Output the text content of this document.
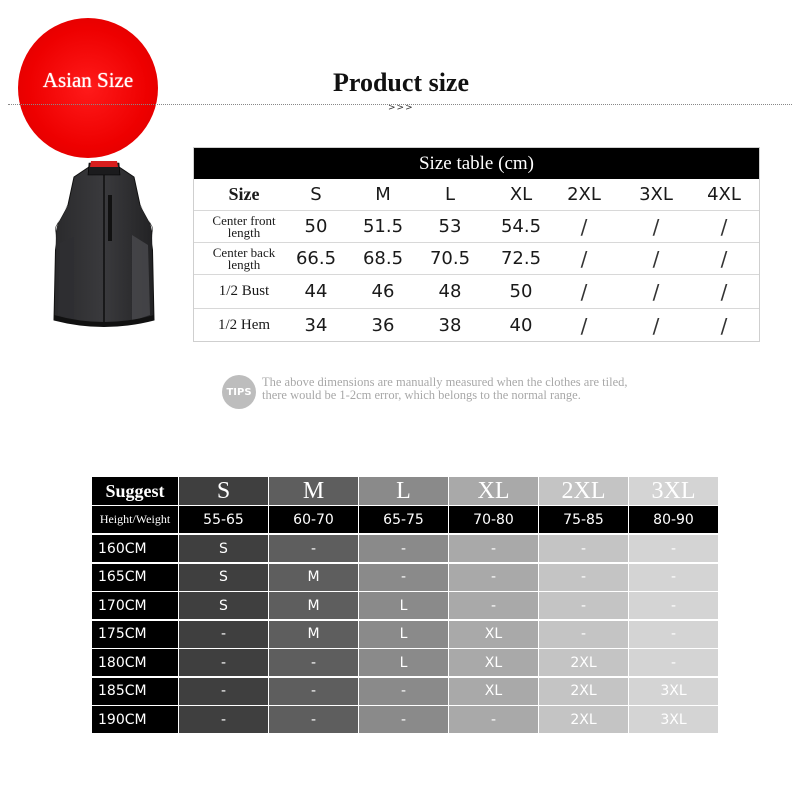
Asian Size	Product size
>>>
Size table (cm)
Size	S	M	L	XL	2XL	3XL	4XL
Center front
length	50	51.5	53	54.5	/	/	/
Center back
length	66.5	68.5	70.5	72.5	/	/	/
1/2 Bust	44	46	48	50	/	/	/
1/2 Hem	34	36	38	40	/	/	/
TIPS
The above dimensions are manually measured when the clothes are tiled,
there would be 1-2cm error, which belongs to the normal range.
Suggest	S	M	L	XL	2XL	3XL
Height/Weight	55-65	60-70	65-75	70-80	75-85	80-90
160CM	S	-	-	-	-	-
165CM	S	M	-	-	-	-
170CM	S	M	L	-	-	-
175CM	-	M	L	XL	-	-
180CM	-	-	L	XL	2XL	-
185CM	-	-	-	XL	2XL	3XL
190CM	-	-	-	-	2XL	3XL
